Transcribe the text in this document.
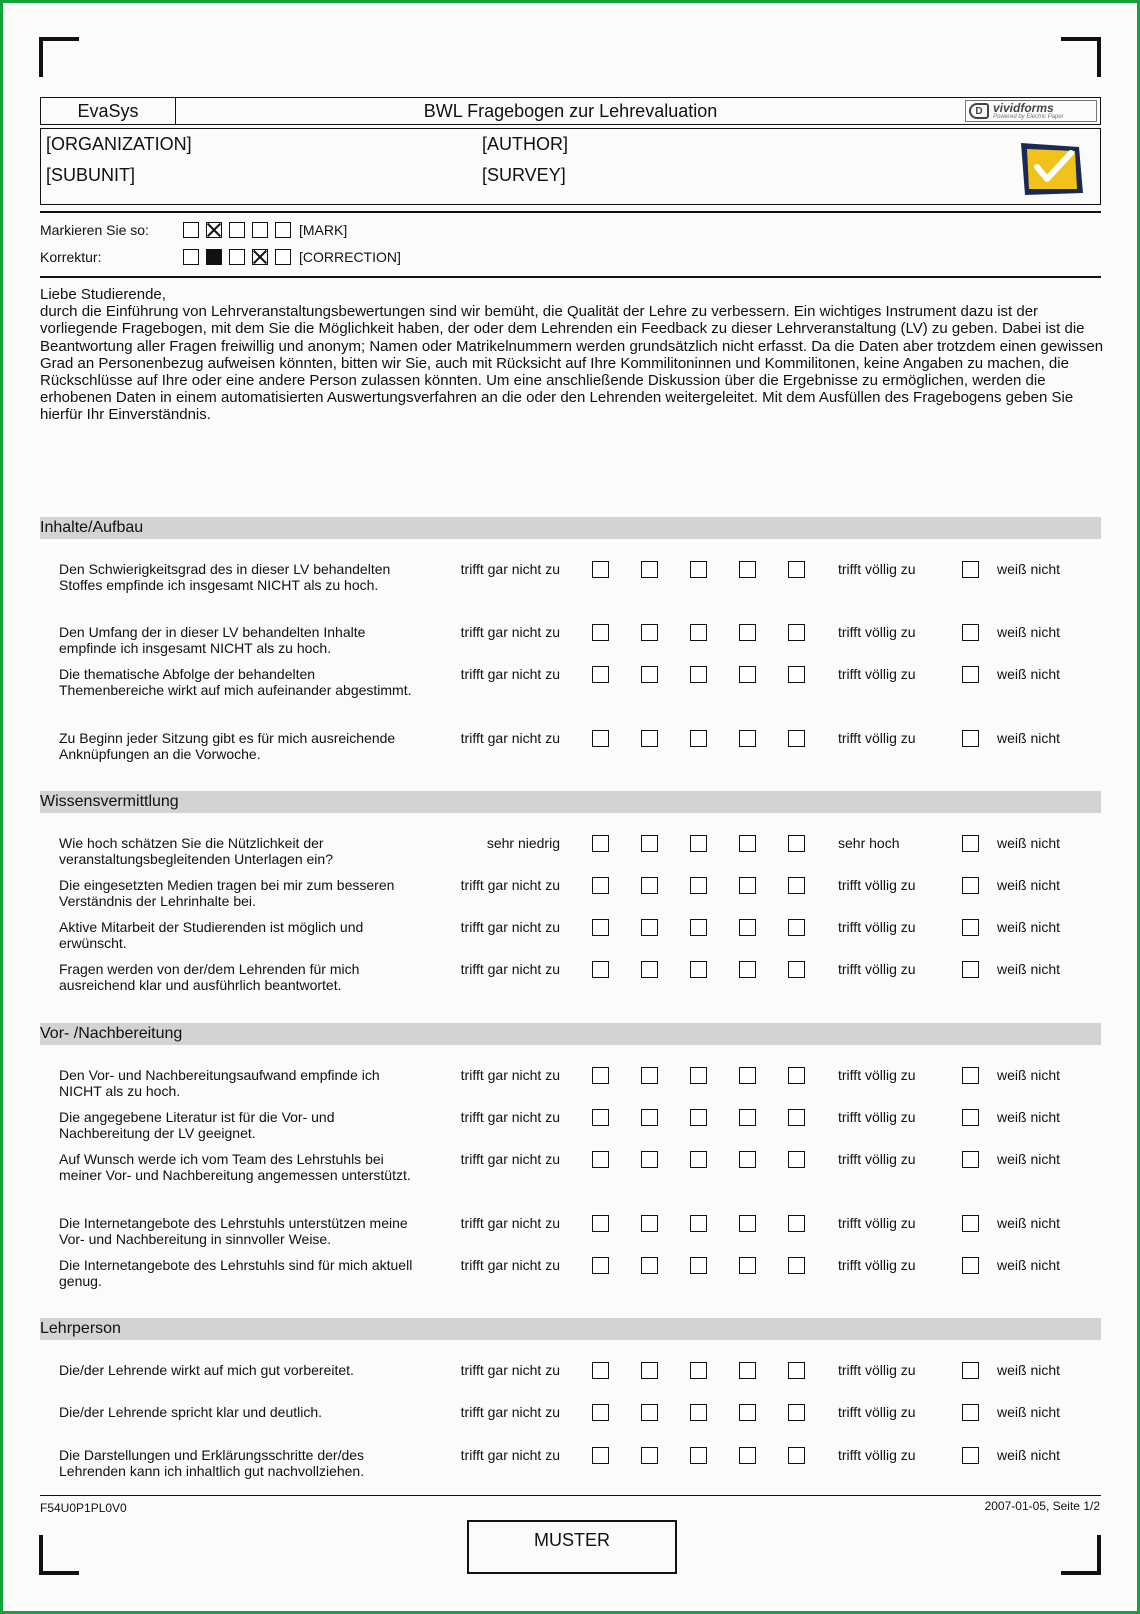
EvaSys	BWL Fragebogen zur Lehrevaluation	D vividforms
Powered by Electric Paper
[ORGANIZATION]	[AUTHOR]
[SUBUNIT]	[SURVEY]
Markieren Sie so:	[MARK]
Korrektur:	[CORRECTION]
Liebe Studierende,
durch die Einführung von Lehrveranstaltungsbewertungen sind wir bemüht, die Qualität der Lehre zu verbessern. Ein wichtiges Instrument dazu ist der vorliegende Fragebogen, mit dem Sie die Möglichkeit haben, der oder dem Lehrenden ein Feedback zu dieser Lehrveranstaltung (LV) zu geben. Dabei ist die Beantwortung aller Fragen freiwillig und anonym; Namen oder Matrikelnummern werden grundsätzlich nicht erfasst. Da die Daten aber trotzdem einen gewissen Grad an Personenbezug aufweisen könnten, bitten wir Sie, auch mit Rücksicht auf Ihre Kommilitoninnen und Kommilitonen, keine Angaben zu machen, die Rückschlüsse auf Ihre oder eine andere Person zulassen könnten. Um eine anschließende Diskussion über die Ergebnisse zu ermöglichen, werden die erhobenen Daten in einem automatisierten Auswertungsverfahren an die oder den Lehrenden weitergeleitet. Mit dem Ausfüllen des Fragebogens geben Sie hierfür Ihr Einverständnis.
Inhalte/Aufbau
Den Schwierigkeitsgrad des in dieser LV behandelten Stoffes empfinde ich insgesamt NICHT als zu hoch.
trifft gar nicht zu	trifft völlig zu	weiß nicht
Den Umfang der in dieser LV behandelten Inhalte empfinde ich insgesamt NICHT als zu hoch.
trifft gar nicht zu	trifft völlig zu	weiß nicht
Die thematische Abfolge der behandelten Themenbereiche wirkt auf mich aufeinander abgestimmt.
trifft gar nicht zu	trifft völlig zu	weiß nicht
Zu Beginn jeder Sitzung gibt es für mich ausreichende Anknüpfungen an die Vorwoche.
trifft gar nicht zu	trifft völlig zu	weiß nicht
Wissensvermittlung
Wie hoch schätzen Sie die Nützlichkeit der veranstaltungsbegleitenden Unterlagen ein?
sehr niedrig	sehr hoch	weiß nicht
Die eingesetzten Medien tragen bei mir zum besseren Verständnis der Lehrinhalte bei.
trifft gar nicht zu	trifft völlig zu	weiß nicht
Aktive Mitarbeit der Studierenden ist möglich und erwünscht.
trifft gar nicht zu	trifft völlig zu	weiß nicht
Fragen werden von der/dem Lehrenden für mich ausreichend klar und ausführlich beantwortet.
trifft gar nicht zu	trifft völlig zu	weiß nicht
Vor- /Nachbereitung
Den Vor- und Nachbereitungsaufwand empfinde ich NICHT als zu hoch.
trifft gar nicht zu	trifft völlig zu	weiß nicht
Die angegebene Literatur ist für die Vor- und Nachbereitung der LV geeignet.
trifft gar nicht zu	trifft völlig zu	weiß nicht
Auf Wunsch werde ich vom Team des Lehrstuhls bei meiner Vor- und Nachbereitung angemessen unterstützt.
trifft gar nicht zu	trifft völlig zu	weiß nicht
Die Internetangebote des Lehrstuhls unterstützen meine Vor- und Nachbereitung in sinnvoller Weise.
trifft gar nicht zu	trifft völlig zu	weiß nicht
Die Internetangebote des Lehrstuhls sind für mich aktuell genug.
trifft gar nicht zu	trifft völlig zu	weiß nicht
Lehrperson
Die/der Lehrende wirkt auf mich gut vorbereitet.	trifft gar nicht zu	trifft völlig zu	weiß nicht
Die/der Lehrende spricht klar und deutlich.	trifft gar nicht zu	trifft völlig zu	weiß nicht
Die Darstellungen und Erklärungsschritte der/des Lehrenden kann ich inhaltlich gut nachvollziehen.
trifft gar nicht zu	trifft völlig zu	weiß nicht
F54U0P1PL0V0	2007-01-05, Seite 1/2
MUSTER
